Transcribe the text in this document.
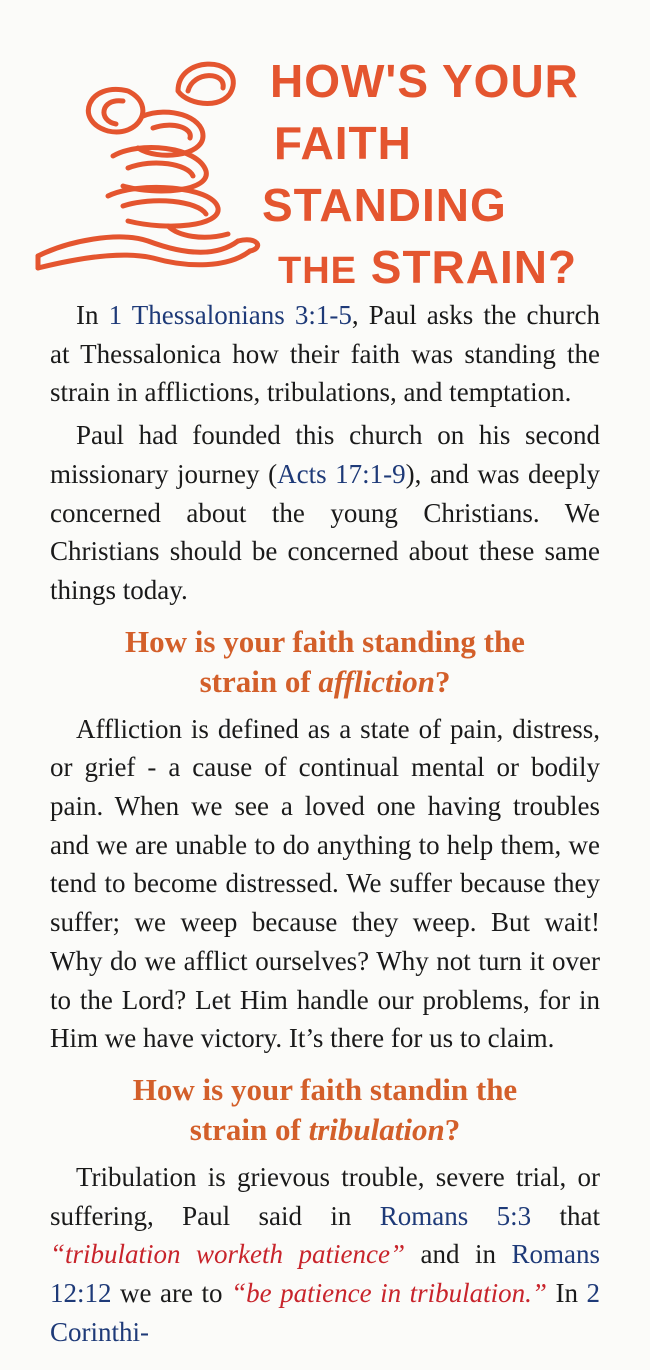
HOW'S YOUR
FAITH
STANDING
THE STRAIN?

In 1 Thessalonians 3:1-5, Paul asks the church at Thessalonica how their faith was standing the strain in afflictions, tribulations, and temptation.

Paul had founded this church on his second missionary journey (Acts 17:1-9), and was deeply concerned about the young Christians. We Christians should be concerned about these same things today.

How is your faith standing the
strain of affliction?

Affliction is defined as a state of pain, distress, or grief - a cause of continual mental or bodily pain. When we see a loved one having troubles and we are unable to do anything to help them, we tend to become distressed. We suffer because they suffer; we weep because they weep. But wait! Why do we afflict ourselves? Why not turn it over to the Lord? Let Him handle our problems, for in Him we have victory. It’s there for us to claim.

How is your faith standin the
strain of tribulation?

Tribulation is grievous trouble, severe trial, or suffering, Paul said in Romans 5:3 that “tribulation worketh patience” and in Romans 12:12 we are to “be patience in tribulation.” In 2 Corinthi-
